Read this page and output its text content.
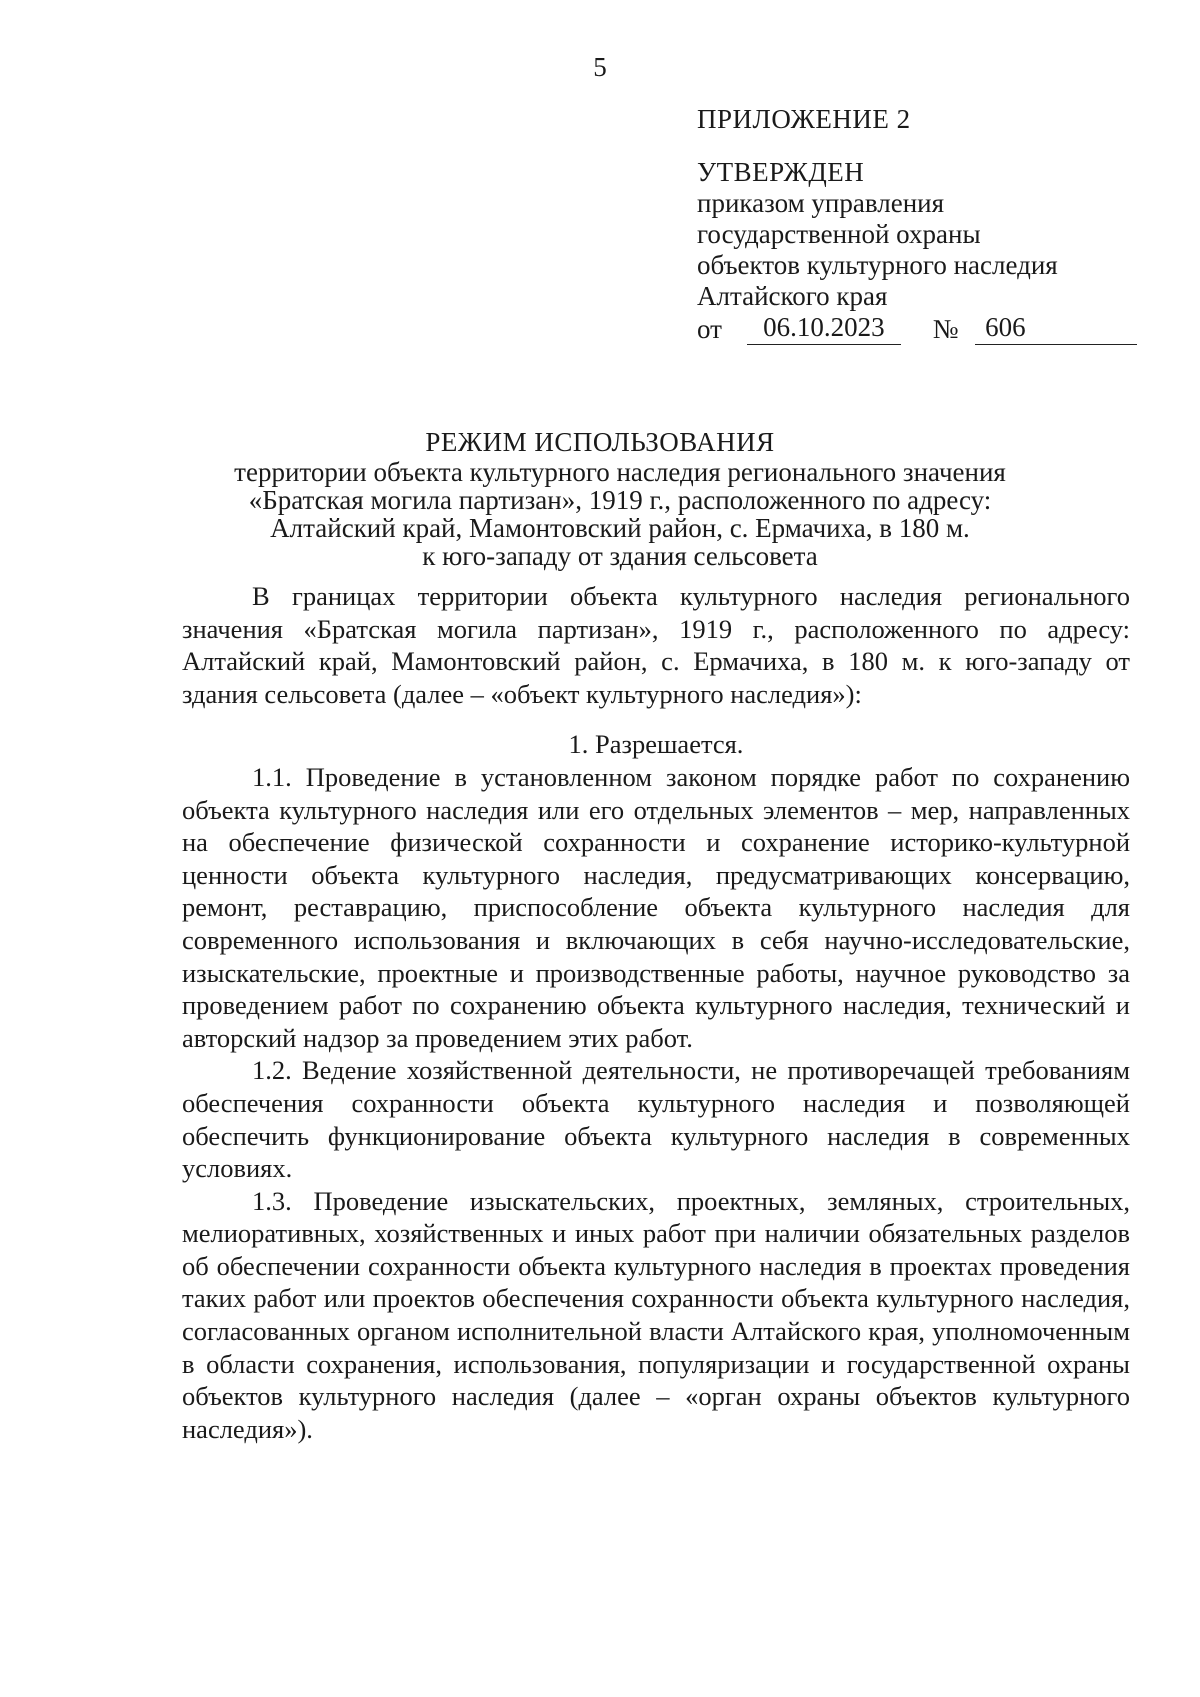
5

ПРИЛОЖЕНИЕ 2

УТВЕРЖДЕН

приказом управления

государственной охраны

объектов культурного наследия

Алтайского края

от	06.10.2023	№ 606

РЕЖИМ ИСПОЛЬЗОВАНИЯ

территории объекта культурного наследия регионального значения

«Братская могила партизан», 1919 г., расположенного по адресу:

Алтайский край, Мамонтовский район, с. Ермачиха, в 180 м.

к юго-западу от здания сельсовета

В границах территории объекта культурного наследия регионального значения «Братская могила партизан», 1919 г., расположенного по адресу: Алтайский край, Мамонтовский район, с. Ермачиха, в 180 м. к юго-западу от здания сельсовета (далее – «объект культурного наследия»):

1. Разрешается.

1.1. Проведение в установленном законом порядке работ по сохранению объекта культурного наследия или его отдельных элементов – мер, направленных на обеспечение физической сохранности и сохранение историко-культурной ценности объекта культурного наследия, предусматривающих консервацию, ремонт, реставрацию, приспособление объекта культурного наследия для современного использования и включающих в себя научно-исследовательские, изыскательские, проектные и производственные работы, научное руководство за проведением работ по сохранению объекта культурного наследия, технический и авторский надзор за проведением этих работ.

1.2. Ведение хозяйственной деятельности, не противоречащей требованиям обеспечения сохранности объекта культурного наследия и позволяющей обеспечить функционирование объекта культурного наследия в современных условиях.

1.3. Проведение изыскательских, проектных, земляных, строительных, мелиоративных, хозяйственных и иных работ при наличии обязательных разделов об обеспечении сохранности объекта культурного наследия в проектах проведения таких работ или проектов обеспечения сохранности объекта культурного наследия, согласованных органом исполнительной власти Алтайского края, уполномоченным в области сохранения, использования, популяризации и государственной охраны объектов культурного наследия (далее – «орган охраны объектов культурного наследия»).
